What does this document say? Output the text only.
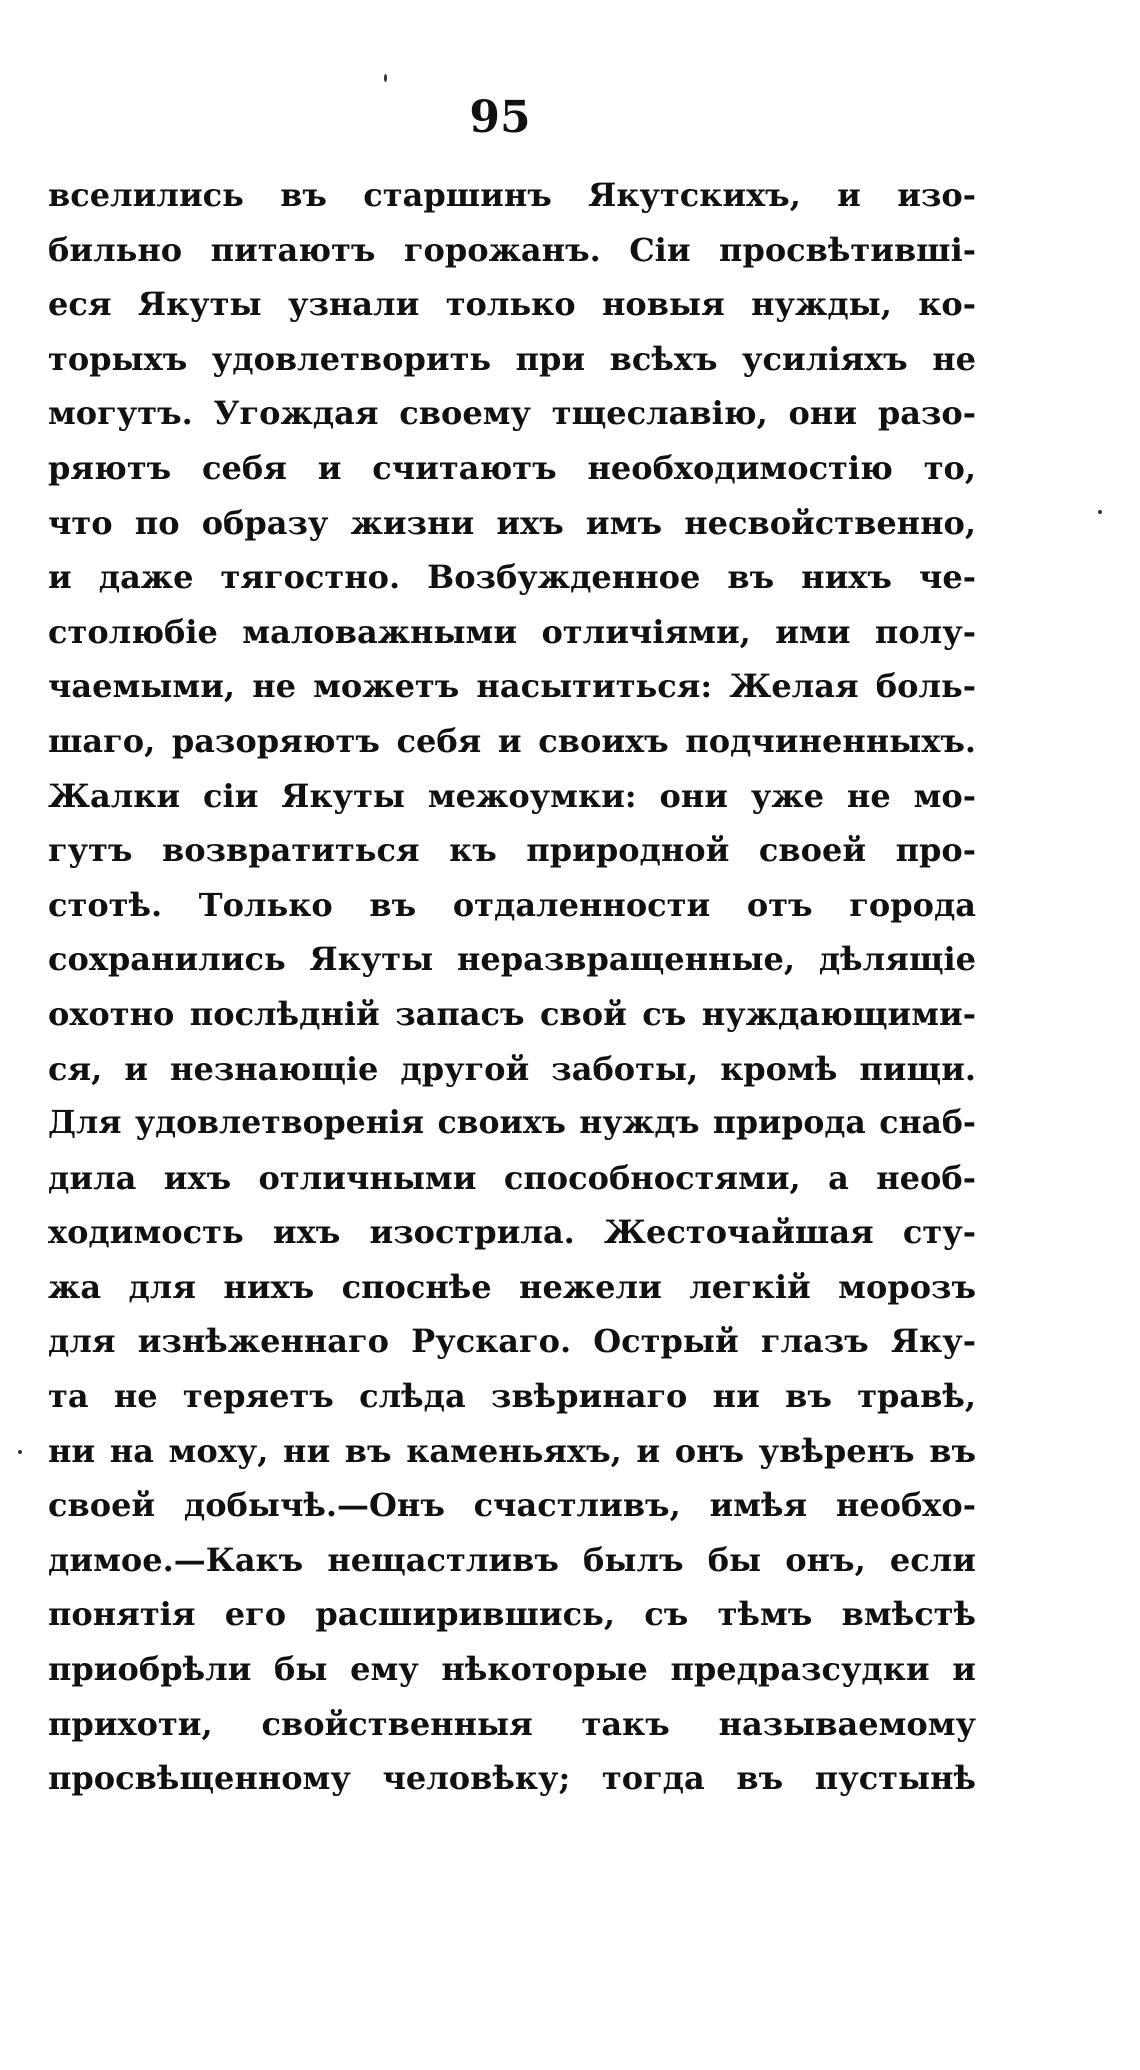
95
вселились въ старшинъ Якутскихъ, и изо-
бильно питаютъ горожанъ. Сіи просвѣтивші-
еся Якуты узнали только новыя нужды, ко-
торыхъ удовлетворить при всѣхъ усиліяхъ не
могутъ. Угождая своему тщеславію, они разо-
ряютъ себя и считаютъ необходимостію то,
что по образу жизни ихъ имъ несвойственно,
и даже тягостно. Возбужденное въ нихъ че-
столюбіе маловажными отличіями, ими полу-
чаемыми, не можетъ насытиться: Желая боль-
шаго, разоряютъ себя и своихъ подчиненныхъ.
Жалки сіи Якуты межоумки: они уже не мо-
гутъ возвратиться къ природной своей про-
стотѣ. Только въ отдаленности отъ города
сохранились Якуты неразвращенные, дѣлящіе
охотно послѣдній запасъ свой съ нуждающими-
ся, и незнающіе другой заботы, кромѣ пищи.
Для удовлетворенія своихъ нуждъ природа снаб-
дила ихъ отличными способностями, а необ-
ходимость ихъ изострила. Жесточайшая сту-
жа для нихъ споснѣе нежели легкій морозъ
для изнѣженнаго Рускаго. Острый глазъ Яку-
та не теряетъ слѣда звѣринаго ни въ травѣ,
ни на моху, ни въ каменьяхъ, и онъ увѣренъ въ
своей добычѣ.—Онъ счастливъ, имѣя необхо-
димое.—Какъ нещастливъ былъ бы онъ, если
понятія его расширившись, съ тѣмъ вмѣстѣ
приобрѣли бы ему нѣкоторые предразсудки и
прихоти, свойственныя такъ называемому
просвѣщенному человѣку; тогда въ пустынѣ
